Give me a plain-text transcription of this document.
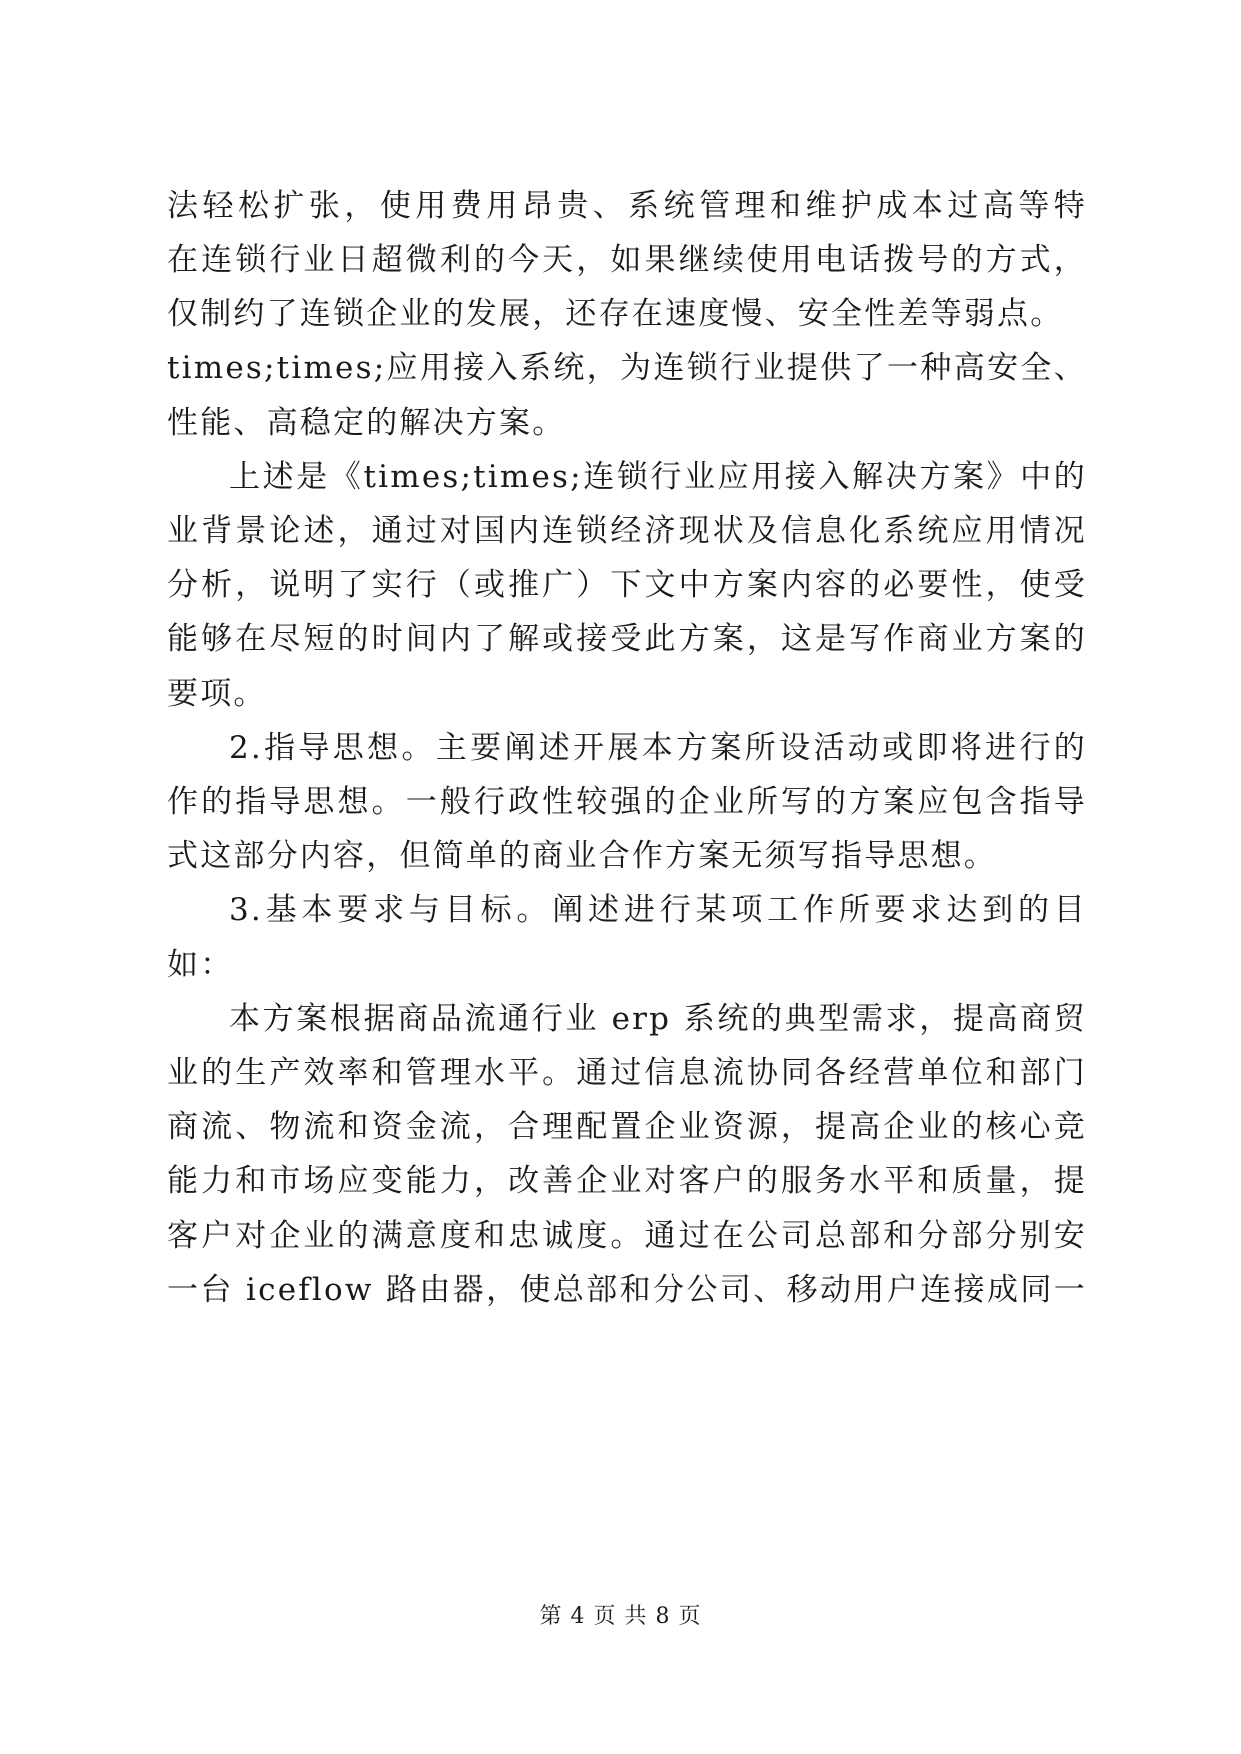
法轻松扩张，使用费用昂贵、系统管理和维护成本过高等特
在连锁行业日超微利的今天，如果继续使用电话拨号的方式，
仅制约了连锁企业的发展，还存在速度慢、安全性差等弱点。
times;times;应用接入系统，为连锁行业提供了一种高安全、
性能、高稳定的解决方案。
上述是《times;times;连锁行业应用接入解决方案》中的
业背景论述，通过对国内连锁经济现状及信息化系统应用情况
分析，说明了实行（或推广）下文中方案内容的必要性，使受
能够在尽短的时间内了解或接受此方案，这是写作商业方案的
要项。
2.指导思想。主要阐述开展本方案所设活动或即将进行的
作的指导思想。一般行政性较强的企业所写的方案应包含指导
式这部分内容，但简单的商业合作方案无须写指导思想。
3.基本要求与目标。阐述进行某项工作所要求达到的目
如：
本方案根据商品流通行业 erp 系统的典型需求，提高商贸
业的生产效率和管理水平。通过信息流协同各经营单位和部门
商流、物流和资金流，合理配置企业资源，提高企业的核心竞
能力和市场应变能力，改善企业对客户的服务水平和质量，提
客户对企业的满意度和忠诚度。通过在公司总部和分部分别安
一台 iceflow 路由器，使总部和分公司、移动用户连接成同一
第 4 页 共 8 页
